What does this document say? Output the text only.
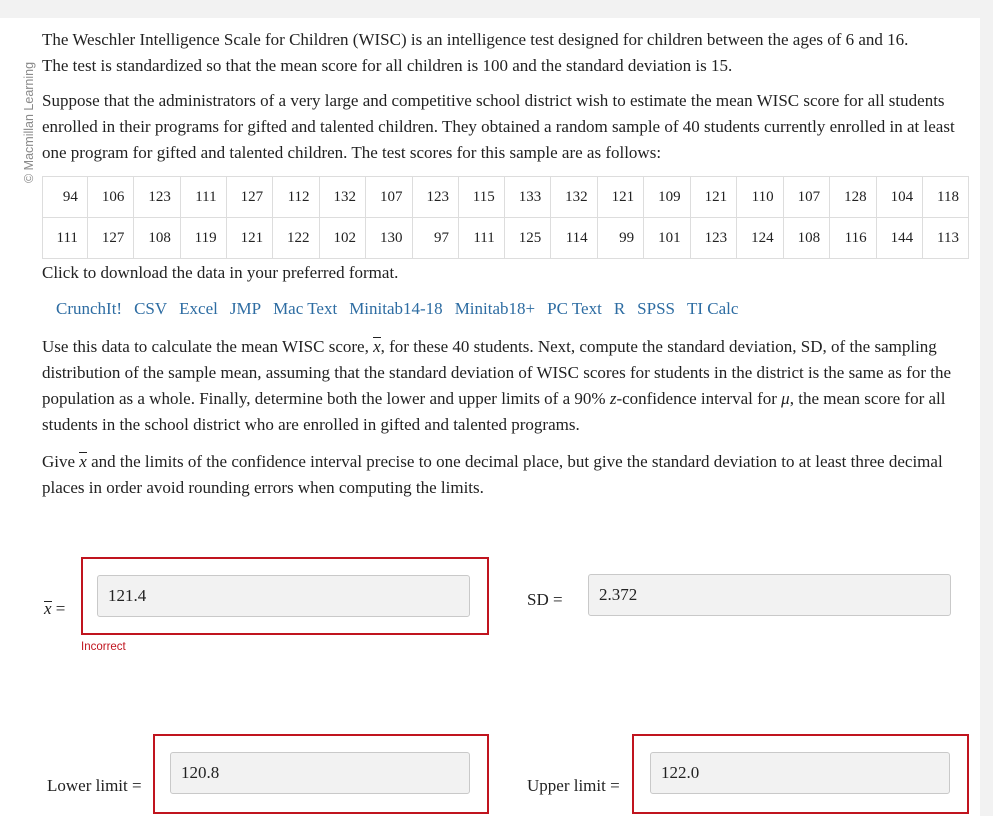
© Macmillan Learning

The Weschler Intelligence Scale for Children (WISC) is an intelligence test designed for children between the ages of 6 and 16.
The test is standardized so that the mean score for all children is 100 and the standard deviation is 15.

Suppose that the administrators of a very large and competitive school district wish to estimate the mean WISC score for all students enrolled in their programs for gifted and talented children. They obtained a random sample of 40 students currently enrolled in at least one program for gifted and talented children. The test scores for this sample are as follows:

94	106	123	111	127	112	132	107	123	115	133	132	121	109	121	110	107	128	104	118
111	127	108	119	121	122	102	130	97	111	125	114	99	101	123	124	108	116	144	113

Click to download the data in your preferred format.

CrunchIt! CSV Excel JMP Mac Text Minitab14-18 Minitab18+ PC Text R SPSS TI Calc

Use this data to calculate the mean WISC score, x, for these 40 students. Next, compute the standard deviation, SD, of the sampling distribution of the sample mean, assuming that the standard deviation of WISC scores for students in the district is the same as for the population as a whole. Finally, determine both the lower and upper limits of a 90% z-confidence interval for μ, the mean score for all students in the school district who are enrolled in gifted and talented programs.

Give x and the limits of the confidence interval precise to one decimal place, but give the standard deviation to at least three decimal places in order avoid rounding errors when computing the limits.

x =
121.4
Incorrect
SD =
2.372
Lower limit =
120.8	Upper limit =
122.0
